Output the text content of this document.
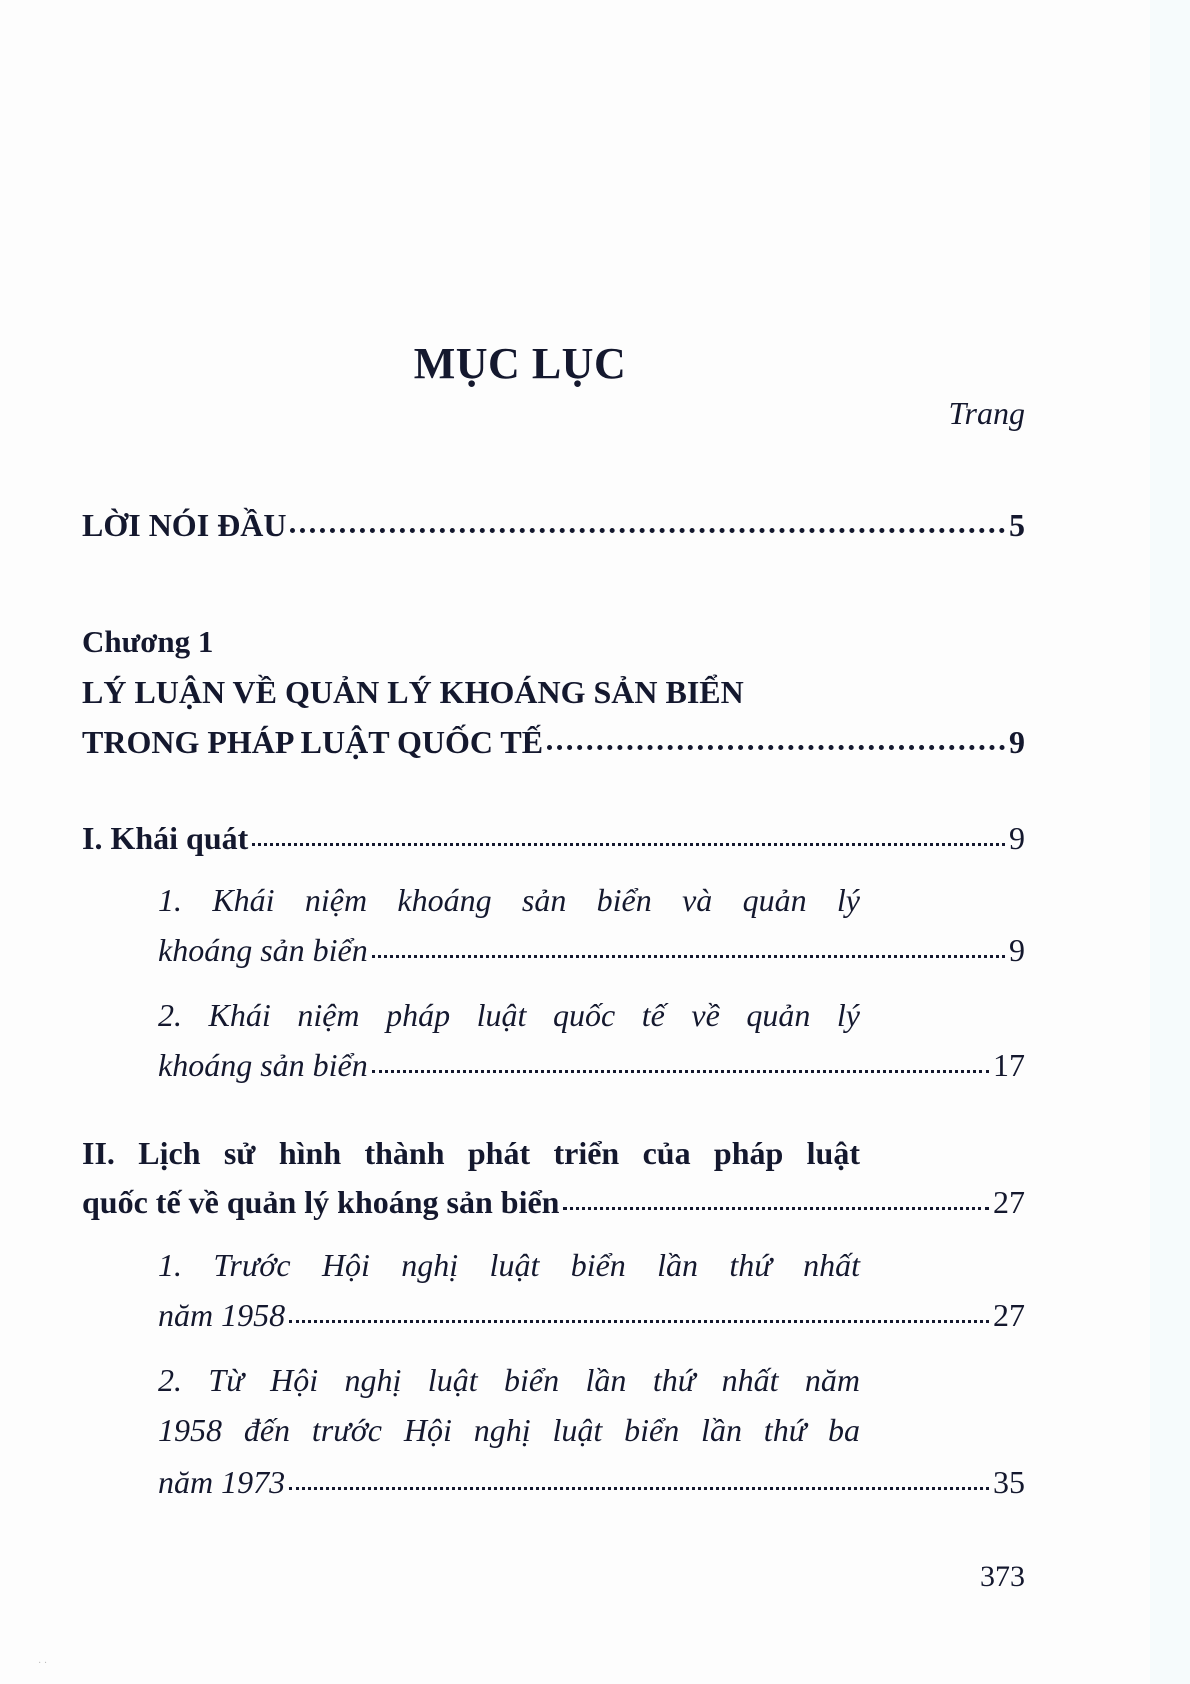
MỤC LỤC
Trang
LỜI NÓI ĐẦU	5
Chương 1
LÝ LUẬN VỀ QUẢN LÝ KHOÁNG SẢN BIỂN
TRONG PHÁP LUẬT QUỐC TẾ	9
I. Khái quát	9
1. Khái niệm khoáng sản biển và quản lý
khoáng sản biển	9
2. Khái niệm pháp luật quốc tế về quản lý
khoáng sản biển	17
II. Lịch sử hình thành phát triển của pháp luật
quốc tế về quản lý khoáng sản biển	27
1. Trước Hội nghị luật biển lần thứ nhất
năm 1958	27
2. Từ Hội nghị luật biển lần thứ nhất năm
1958 đến trước Hội nghị luật biển lần thứ ba
năm 1973	35
373
· ·
